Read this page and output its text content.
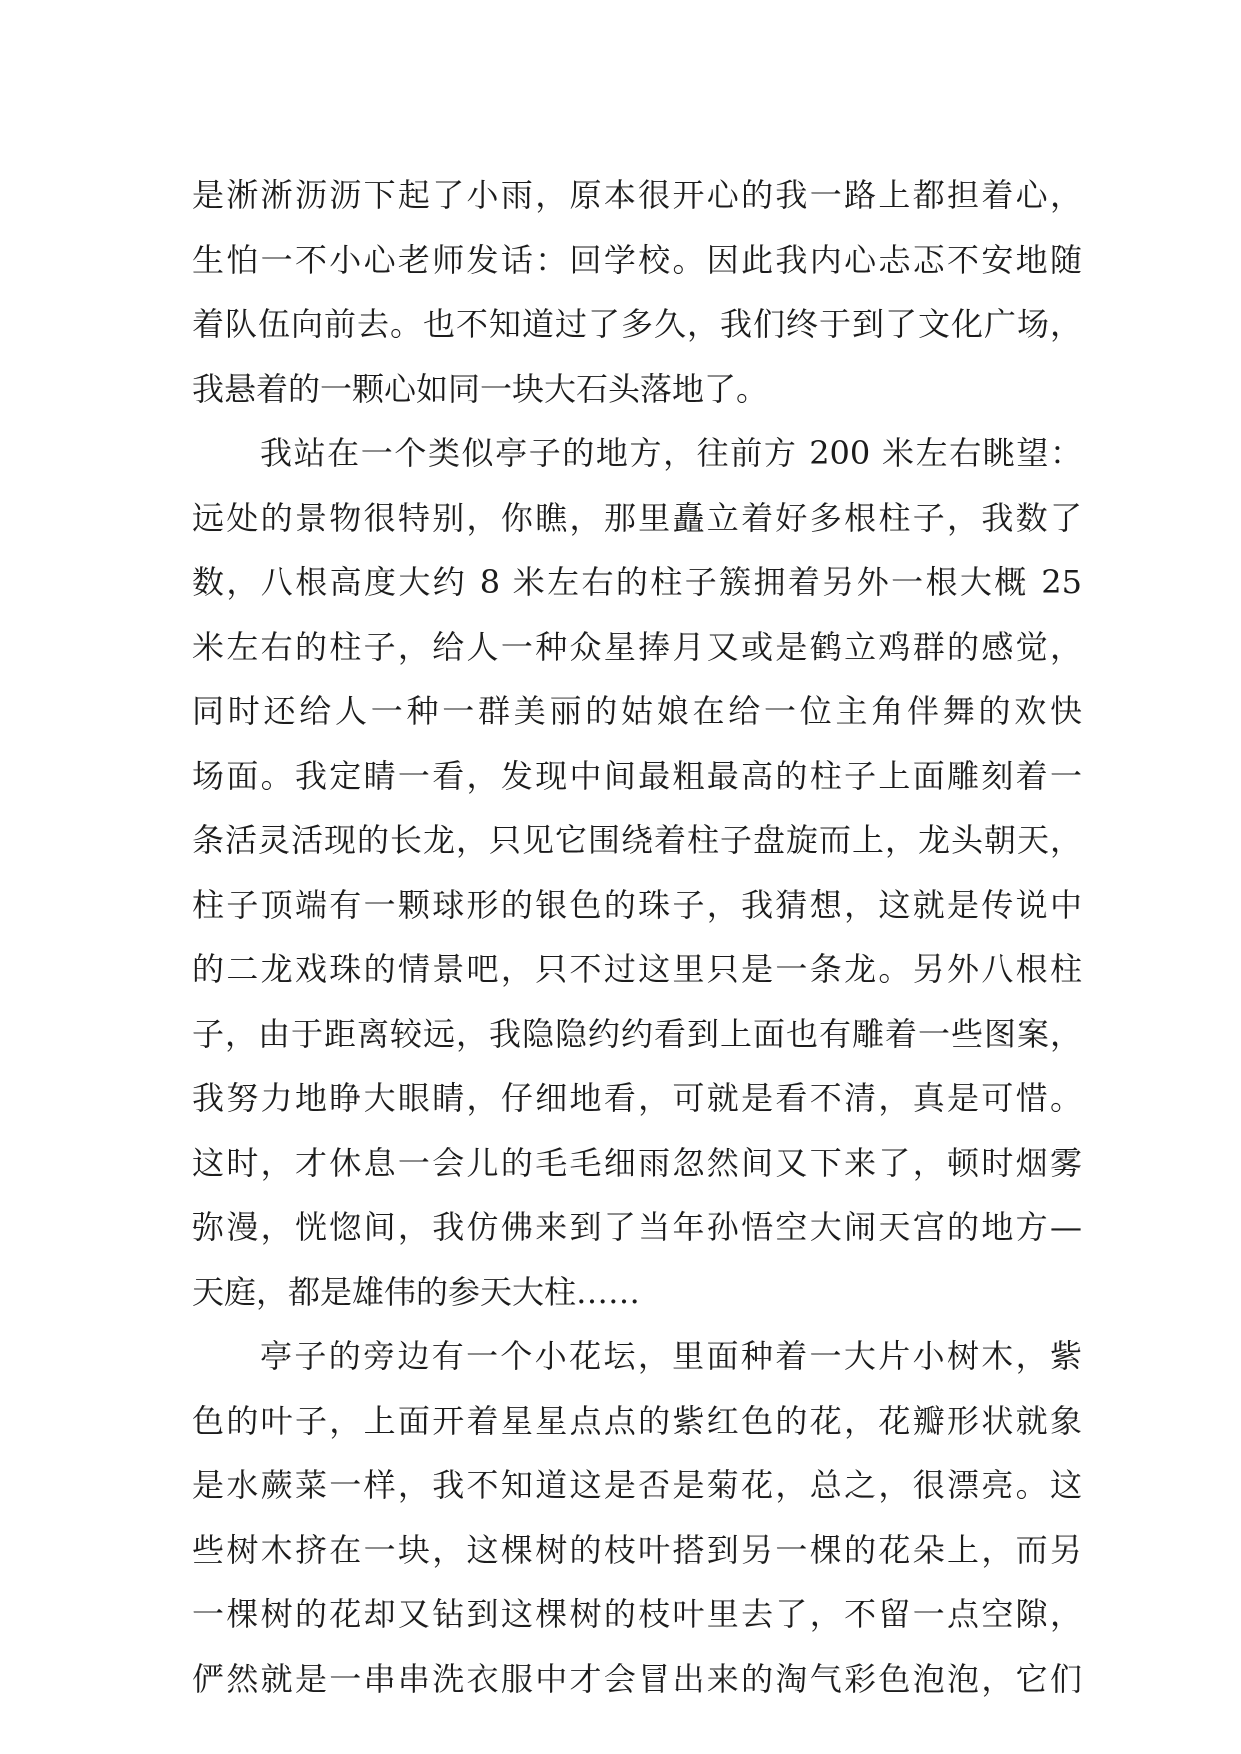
是淅淅沥沥下起了小雨，原本很开心的我一路上都担着心，
生怕一不小心老师发话：回学校。因此我内心忐忑不安地随
着队伍向前去。也不知道过了多久，我们终于到了文化广场，
我悬着的一颗心如同一块大石头落地了。
我站在一个类似亭子的地方，往前方 200 米左右眺望：
远处的景物很特别，你瞧，那里矗立着好多根柱子，我数了
数，八根高度大约 8 米左右的柱子簇拥着另外一根大概 25
米左右的柱子，给人一种众星捧月又或是鹤立鸡群的感觉，
同时还给人一种一群美丽的姑娘在给一位主角伴舞的欢快
场面。我定睛一看，发现中间最粗最高的柱子上面雕刻着一
条活灵活现的长龙，只见它围绕着柱子盘旋而上，龙头朝天，
柱子顶端有一颗球形的银色的珠子，我猜想，这就是传说中
的二龙戏珠的情景吧，只不过这里只是一条龙。另外八根柱
子，由于距离较远，我隐隐约约看到上面也有雕着一些图案，
我努力地睁大眼睛，仔细地看，可就是看不清，真是可惜。
这时，才休息一会儿的毛毛细雨忽然间又下来了，顿时烟雾
弥漫，恍惚间，我仿佛来到了当年孙悟空大闹天宫的地方—
天庭，都是雄伟的参天大柱……
亭子的旁边有一个小花坛，里面种着一大片小树木，紫
色的叶子，上面开着星星点点的紫红色的花，花瓣形状就象
是水蕨菜一样，我不知道这是否是菊花，总之，很漂亮。这
些树木挤在一块，这棵树的枝叶搭到另一棵的花朵上，而另
一棵树的花却又钻到这棵树的枝叶里去了，不留一点空隙，
俨然就是一串串洗衣服中才会冒出来的淘气彩色泡泡，它们
